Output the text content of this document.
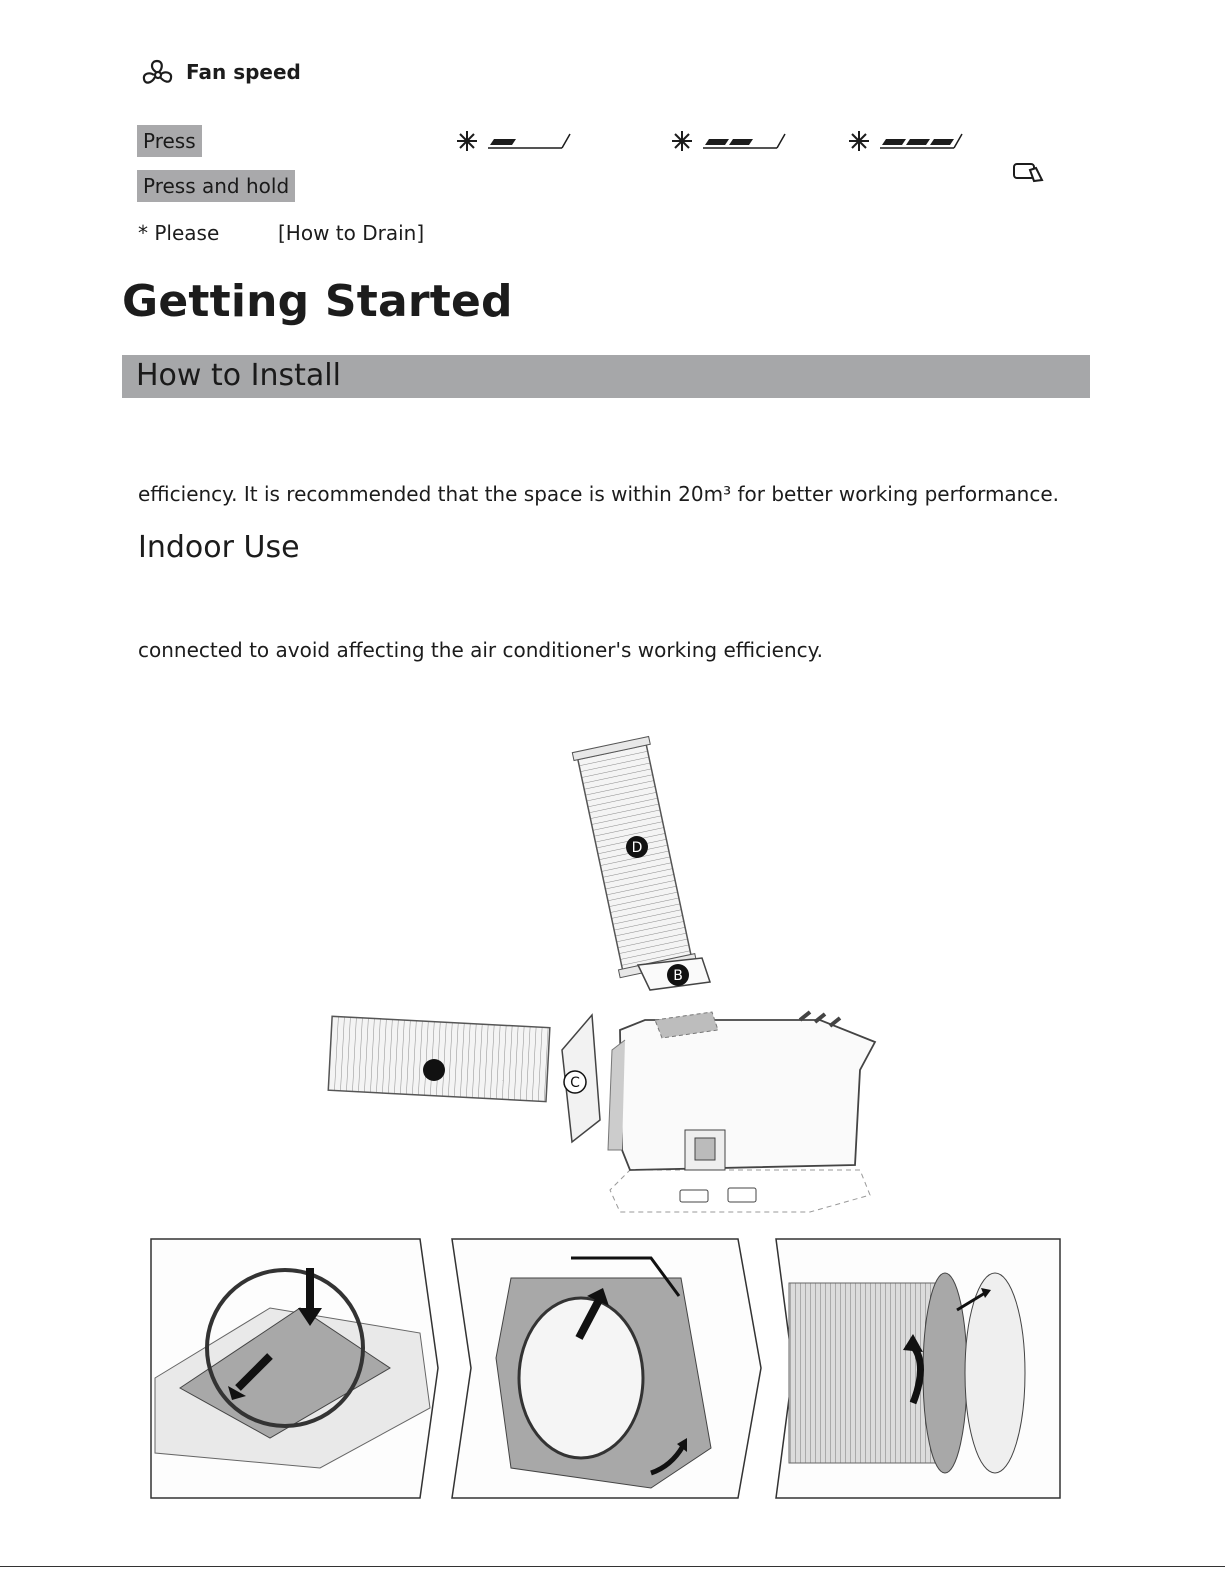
Fan speed
Press
Press and hold
* Please	[How to Drain]
Getting Started
How to Install
efficiency. It is recommended that the space is within 20m³ for better working performance.
Indoor Use
connected to avoid affecting the air conditioner's working efficiency.
D
B
C
